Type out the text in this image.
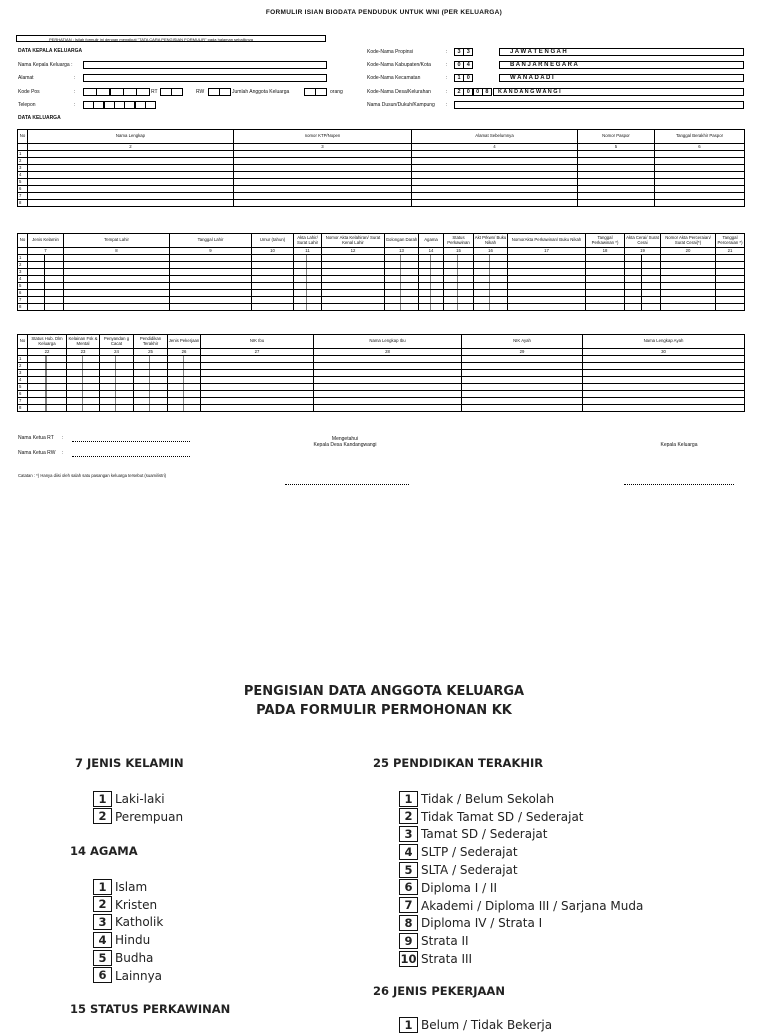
FORMULIR ISIAN BIODATA PENDUDUK UNTUK WNI (PER KELUARGA)
PERHATIAN : Isilah formulir ini dengan mengikuti "TATA CARA PENGISIAN FORMULIR" pada halaman sebaliknya
DATA KEPALA KELUARGA
Nama Kepala Keluarga :
Alamat	:
Kode Pos	:	RT	RW	Jumlah Anggota Keluarga	orang
Telepon	:
Kode-Nama Propinsi	:	3	3	J A W A T E N G A H
Kode-Nama Kabupaten/Kota	:	0	4	B A N J A R N E G A R A
Kode-Nama Kecamatan	:	1	0	W A N A D A D I
Kode-Nama Desa/Kelurahan	:	2	0	0	8	K A N D A N G W A N G I
Nama Dusun/Dukuh/Kampung :
DATA KELUARGA
No	Nama Lengkap	nomor KTP/Nopen	Alamat Sebelumnya	Nomor Paspor	Tanggal Berakhir Paspor
	2	3	4	5	6
1					
2					
3					
4					
5					
6					
7					
8					
No	Jenis Kelamin	Tempat Lahir	Tanggal Lahir	Umur (tahun)	Akta Lahir/ Surat Lahir	Nomor Akta Kelahiran/ Surat Kenal Lahir	Golongan Darah	Agama	Status Perkawinan	Akt Prkwn/ Buku Nikah	NomorAkta Perkawinan/ Buku Nikah	Tanggal Perkawinan *)	Akta Cerai/ Surat Cerai	Nomor Akta Perceraian/ Surat Cerai(*)	Tanggal Perceraian *)
	7	8	9	10	11	12	13	14	15	16	17	18	19	20	21
1															
2															
3															
4															
5															
6															
7															
8															
No	Status Hub. Dlm Keluarga	Kelainan Fsk & Mental	Penyandan g Cacat	Pendidikan Terakhir	Jenis Pekerjaan	NIK Ibu	Nama Lengkap Ibu	NIK Ayah	Nama Lengkap Ayah
	22	23	24	25	26	27	28	29	30
1									
2									
3									
4									
5									
6									
7									
8									
Nama Ketua RT :
Nama Ketua RW :
Mengetahui
Kepala Desa Kandangwangi	Kepala Keluarga
Catatan : *) Hanya diisi oleh salah satu pasangan keluarga tersebut (suami/istri)
PENGISIAN DATA ANGGOTA KELUARGA
PADA FORMULIR PERMOHONAN KK
7 JENIS KELAMIN
1 Laki-laki
2 Perempuan
14 AGAMA
1 Islam
2 Kristen
3 Katholik
4 Hindu
5 Budha
6 Lainnya
15 STATUS PERKAWINAN
25 PENDIDIKAN TERAKHIR
1 Tidak / Belum Sekolah
2 Tidak Tamat SD / Sederajat
3 Tamat SD / Sederajat
4 SLTP / Sederajat
5 SLTA / Sederajat
6 Diploma I / II
7 Akademi / Diploma III / Sarjana Muda
8 Diploma IV / Strata I
9 Strata II
10 Strata III
26 JENIS PEKERJAAN
1 Belum / Tidak Bekerja
